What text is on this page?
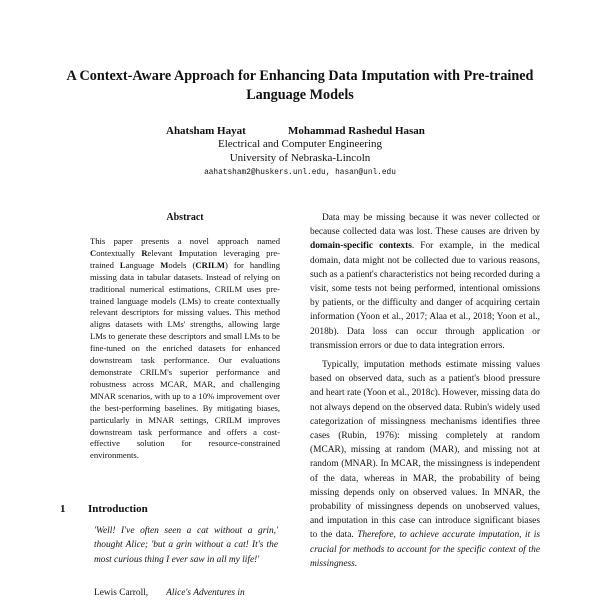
A Context-Aware Approach for Enhancing Data Imputation with Pre-trained Language Models
Ahatsham Hayat	Mohammad Rashedul Hasan
Electrical and Computer Engineering
University of Nebraska-Lincoln
aahatsham2@huskers.unl.edu, hasan@unl.edu
Abstract
This paper presents a novel approach named Contextually Relevant Imputation leveraging pre-trained Language Models (CRILM) for handling missing data in tabular datasets. Instead of relying on traditional numerical estimations, CRILM uses pre-trained language models (LMs) to create contextually relevant descriptors for missing values. This method aligns datasets with LMs' strengths, allowing large LMs to generate these descriptors and small LMs to be fine-tuned on the enriched datasets for enhanced downstream task performance. Our evaluations demonstrate CRILM's superior performance and robustness across MCAR, MAR, and challenging MNAR scenarios, with up to a 10% improvement over the best-performing baselines. By mitigating biases, particularly in MNAR settings, CRILM improves downstream task performance and offers a cost-effective solution for resource-constrained environments.
1 Introduction
'Well! I've often seen a cat without a grin,' thought Alice; 'but a grin without a cat! It's the most curious thing I ever saw in all my life!'
Lewis Carroll, Alice's Adventures in

Data may be missing because it was never collected or because collected data was lost. These causes are driven by domain-specific contexts. For example, in the medical domain, data might not be collected due to various reasons, such as a patient's characteristics not being recorded during a visit, some tests not being performed, intentional omissions by patients, or the difficulty and danger of acquiring certain information (Yoon et al., 2017; Alaa et al., 2018; Yoon et al., 2018b). Data loss can occur through application or transmission errors or due to data integration errors.

Typically, imputation methods estimate missing values based on observed data, such as a patient's blood pressure and heart rate (Yoon et al., 2018c). However, missing data do not always depend on the observed data. Rubin's widely used categorization of missingness mechanisms identifies three cases (Rubin, 1976): missing completely at random (MCAR), missing at random (MAR), and missing not at random (MNAR). In MCAR, the missingness is independent of the data, whereas in MAR, the probability of being missing depends only on observed values. In MNAR, the probability of missingness depends on unobserved values, and imputation in this case can introduce significant biases to the data. Therefore, to achieve accurate imputation, it is crucial for methods to account for the specific context of the missingness.
